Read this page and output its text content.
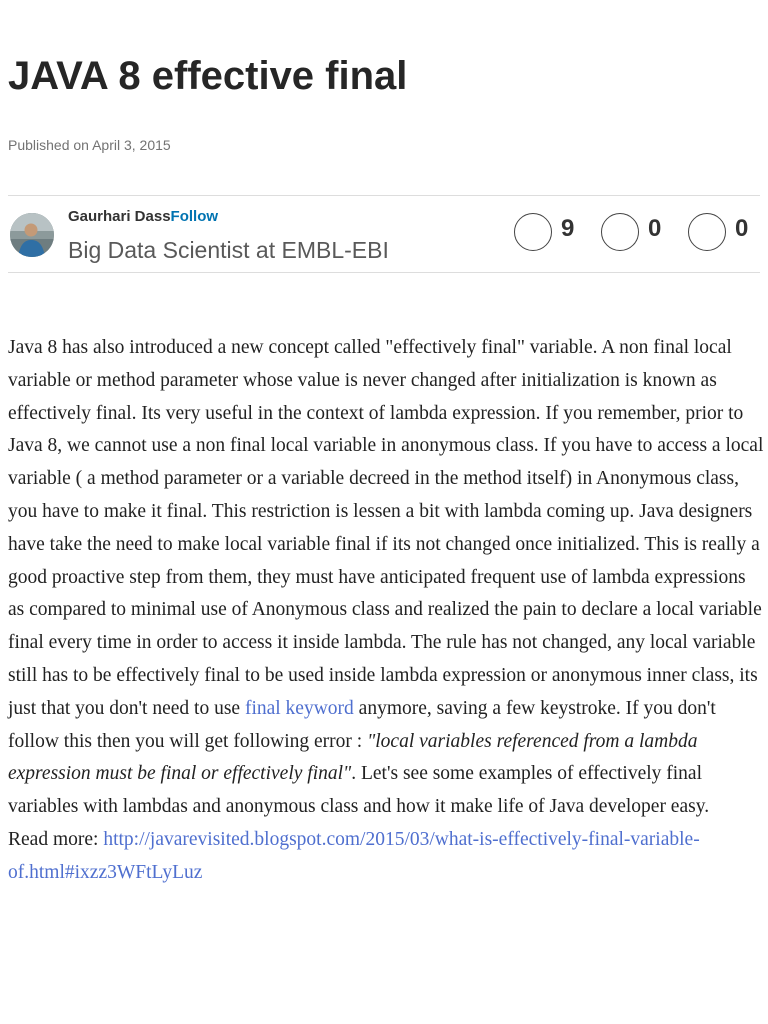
JAVA 8 effective final
Published on April 3, 2015
Gaurhari DassFollow
Big Data Scientist at EMBL-EBI
9	0	0

Java 8 has also introduced a new concept called "effectively final" variable. A non final local variable or method parameter whose value is never changed after initialization is known as effectively final. Its very useful in the context of lambda expression. If you remember, prior to Java 8, we cannot use a non final local variable in anonymous class. If you have to access a local variable ( a method parameter or a variable decreed in the method itself) in Anonymous class, you have to make it final. This restriction is lessen a bit with lambda coming up. Java designers have take the need to make local variable final if its not changed once initialized. This is really a good proactive step from them, they must have anticipated frequent use of lambda expressions as compared to minimal use of Anonymous class and realized the pain to declare a local variable final every time in order to access it inside lambda. The rule has not changed, any local variable still has to be effectively final to be used inside lambda expression or anonymous inner class, its just that you don't need to use final keyword anymore, saving a few keystroke. If you don't follow this then you will get following error : "local variables referenced from a lambda expression must be final or effectively final". Let's see some examples of effectively final variables with lambdas and anonymous class and how it make life of Java developer easy.

Read more: http://javarevisited.blogspot.com/2015/03/what-is-effectively-final-variable-of.html#ixzz3WFtLyLuz
